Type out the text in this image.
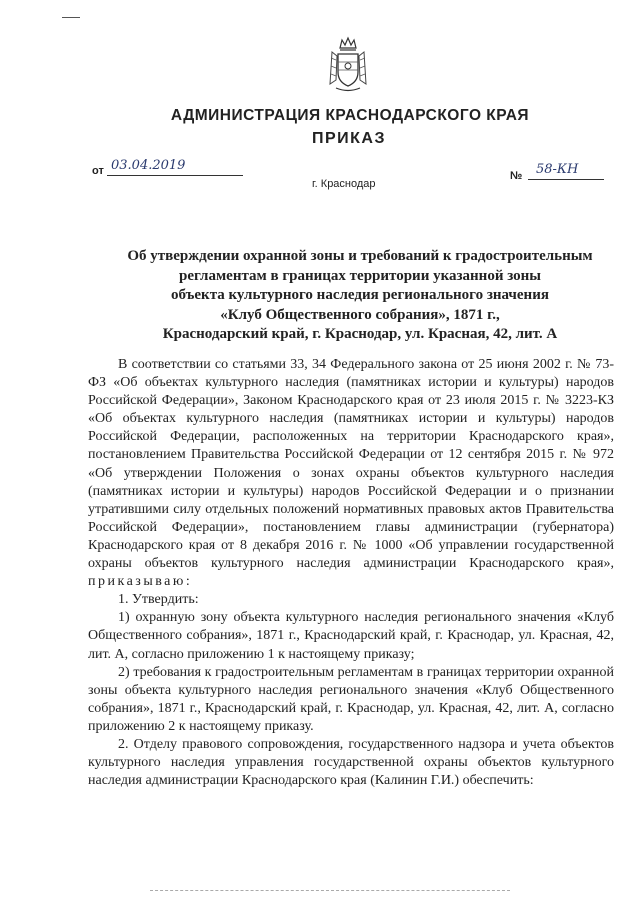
АДМИНИСТРАЦИЯ КРАСНОДАРСКОГО КРАЯ
ПРИКАЗ
от 03.04.2019
г. Краснодар
№	58-КН
Об утверждении охранной зоны и требований к градостроительным
регламентам в границах территории указанной зоны
объекта культурного наследия регионального значения
«Клуб Общественного собрания», 1871 г.,
Краснодарский край, г. Краснодар, ул. Красная, 42, лит. А

В соответствии со статьями 33, 34 Федерального закона от 25 июня 2002 г. № 73-ФЗ «Об объектах культурного наследия (памятниках истории и культуры) народов Российской Федерации», Законом Краснодарского края от 23 июля 2015 г. № 3223-КЗ «Об объектах культурного наследия (памятниках истории и культуры) народов Российской Федерации, расположенных на территории Краснодарского края», постановлением Правительства Российской Федерации от 12 сентября 2015 г. № 972 «Об утверждении Положения о зонах охраны объектов культурного наследия (памятниках истории и культуры) народов Российской Федерации и о признании утратившими силу отдельных положений нормативных правовых актов Правительства Российской Федерации», постановлением главы администрации (губернатора) Краснодарского края от 8 декабря 2016 г. № 1000 «Об управлении государственной охраны объектов культурного наследия администрации Краснодарского края», приказываю:

1. Утвердить:

1) охранную зону объекта культурного наследия регионального значения «Клуб Общественного собрания», 1871 г., Краснодарский край, г. Краснодар, ул. Красная, 42, лит. А, согласно приложению 1 к настоящему приказу;

2) требования к градостроительным регламентам в границах территории охранной зоны объекта культурного наследия регионального значения «Клуб Общественного собрания», 1871 г., Краснодарский край, г. Краснодар, ул. Красная, 42, лит. А, согласно приложению 2 к настоящему приказу.

2. Отделу правового сопровождения, государственного надзора и учета объектов культурного наследия управления государственной охраны объектов культурного наследия администрации Краснодарского края (Калинин Г.И.) обеспечить:
